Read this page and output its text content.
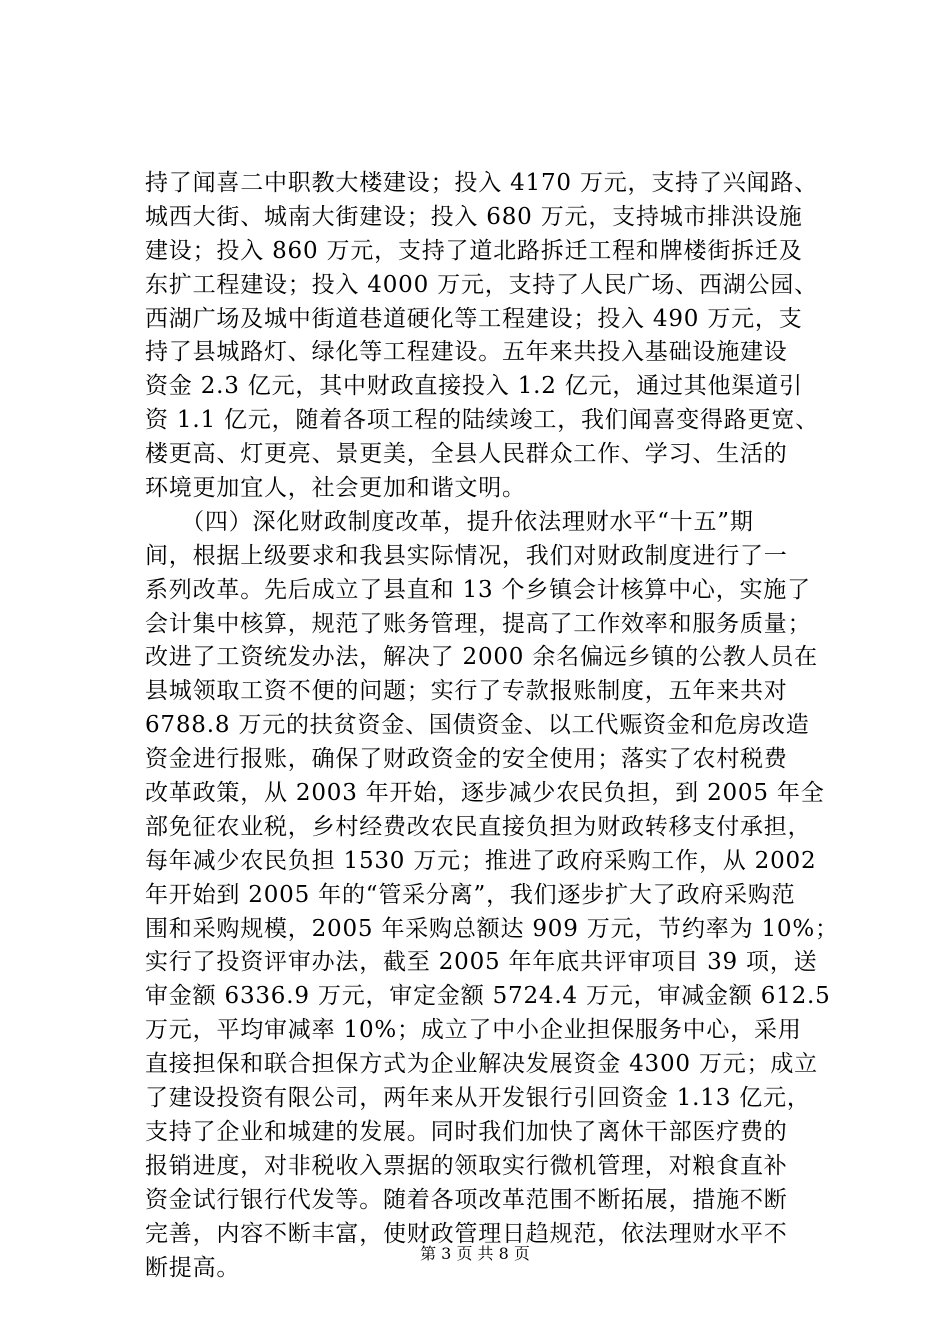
持了闻喜二中职教大楼建设；投入 4170 万元，支持了兴闻路、
城西大街、城南大街建设；投入 680 万元，支持城市排洪设施
建设；投入 860 万元，支持了道北路拆迁工程和牌楼街拆迁及
东扩工程建设；投入 4000 万元，支持了人民广场、西湖公园、
西湖广场及城中街道巷道硬化等工程建设；投入 490 万元，支
持了县城路灯、绿化等工程建设。五年来共投入基础设施建设
资金 2.3 亿元，其中财政直接投入 1.2 亿元，通过其他渠道引
资 1.1 亿元，随着各项工程的陆续竣工，我们闻喜变得路更宽、
楼更高、灯更亮、景更美，全县人民群众工作、学习、生活的
环境更加宜人，社会更加和谐文明。
　　（四）深化财政制度改革，提升依法理财水平“十五”期
间，根据上级要求和我县实际情况，我们对财政制度进行了一
系列改革。先后成立了县直和 13 个乡镇会计核算中心，实施了
会计集中核算，规范了账务管理，提高了工作效率和服务质量；
改进了工资统发办法，解决了 2000 余名偏远乡镇的公教人员在
县城领取工资不便的问题；实行了专款报账制度，五年来共对
6788.8 万元的扶贫资金、国债资金、以工代赈资金和危房改造
资金进行报账，确保了财政资金的安全使用；落实了农村税费
改革政策，从 2003 年开始，逐步减少农民负担，到 2005 年全
部免征农业税，乡村经费改农民直接负担为财政转移支付承担，
每年减少农民负担 1530 万元；推进了政府采购工作，从 2002
年开始到 2005 年的“管采分离”，我们逐步扩大了政府采购范
围和采购规模，2005 年采购总额达 909 万元，节约率为 10%；
实行了投资评审办法，截至 2005 年年底共评审项目 39 项，送
审金额 6336.9 万元，审定金额 5724.4 万元，审减金额 612.5
万元，平均审减率 10%；成立了中小企业担保服务中心，采用
直接担保和联合担保方式为企业解决发展资金 4300 万元；成立
了建设投资有限公司，两年来从开发银行引回资金 1.13 亿元，
支持了企业和城建的发展。同时我们加快了离休干部医疗费的
报销进度，对非税收入票据的领取实行微机管理，对粮食直补
资金试行银行代发等。随着各项改革范围不断拓展，措施不断
完善，内容不断丰富，使财政管理日趋规范，依法理财水平不
断提高。
第 3 页 共 8 页
